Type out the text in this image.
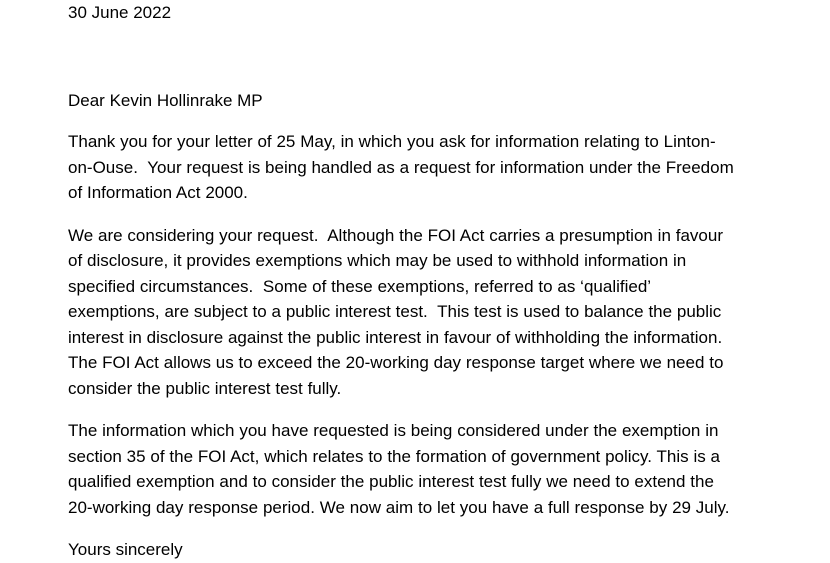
30 June 2022

Dear Kevin Hollinrake MP

Thank you for your letter of 25 May, in which you ask for information relating to Linton-on-Ouse.  Your request is being handled as a request for information under the Freedom of Information Act 2000.

We are considering your request.  Although the FOI Act carries a presumption in favour of disclosure, it provides exemptions which may be used to withhold information in specified circumstances.  Some of these exemptions, referred to as ‘qualified’ exemptions, are subject to a public interest test.  This test is used to balance the public interest in disclosure against the public interest in favour of withholding the information. The FOI Act allows us to exceed the 20-working day response target where we need to consider the public interest test fully.

The information which you have requested is being considered under the exemption in section 35 of the FOI Act, which relates to the formation of government policy. This is a qualified exemption and to consider the public interest test fully we need to extend the 20-working day response period. We now aim to let you have a full response by 29 July.

Yours sincerely
